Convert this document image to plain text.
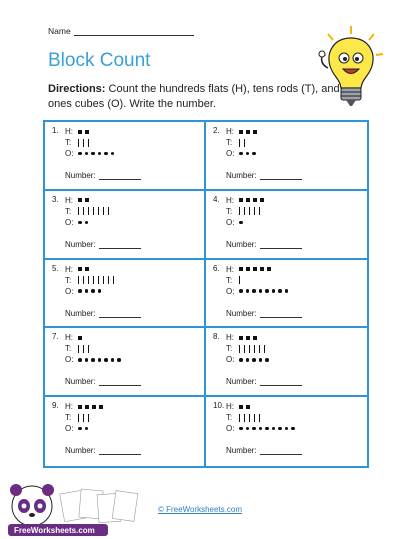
Name
Block Count
Directions: Count the hundreds flats (H), tens rods (T), and ones cubes (O). Write the number.
1. H:
T:
O:
Number:
2. H:
T:
O:
Number:
3. H:
T:
O:
Number:
4. H:
T:
O:
Number:
5. H:
T:
O:
Number:
6. H:
T:
O:
Number:
7. H:
T:
O:
Number:
8. H:
T:
O:
Number:
9. H:
T:
O:
Number:
10. H:
T:
O:
Number:
FreeWorksheets.com
© FreeWorksheets.com
